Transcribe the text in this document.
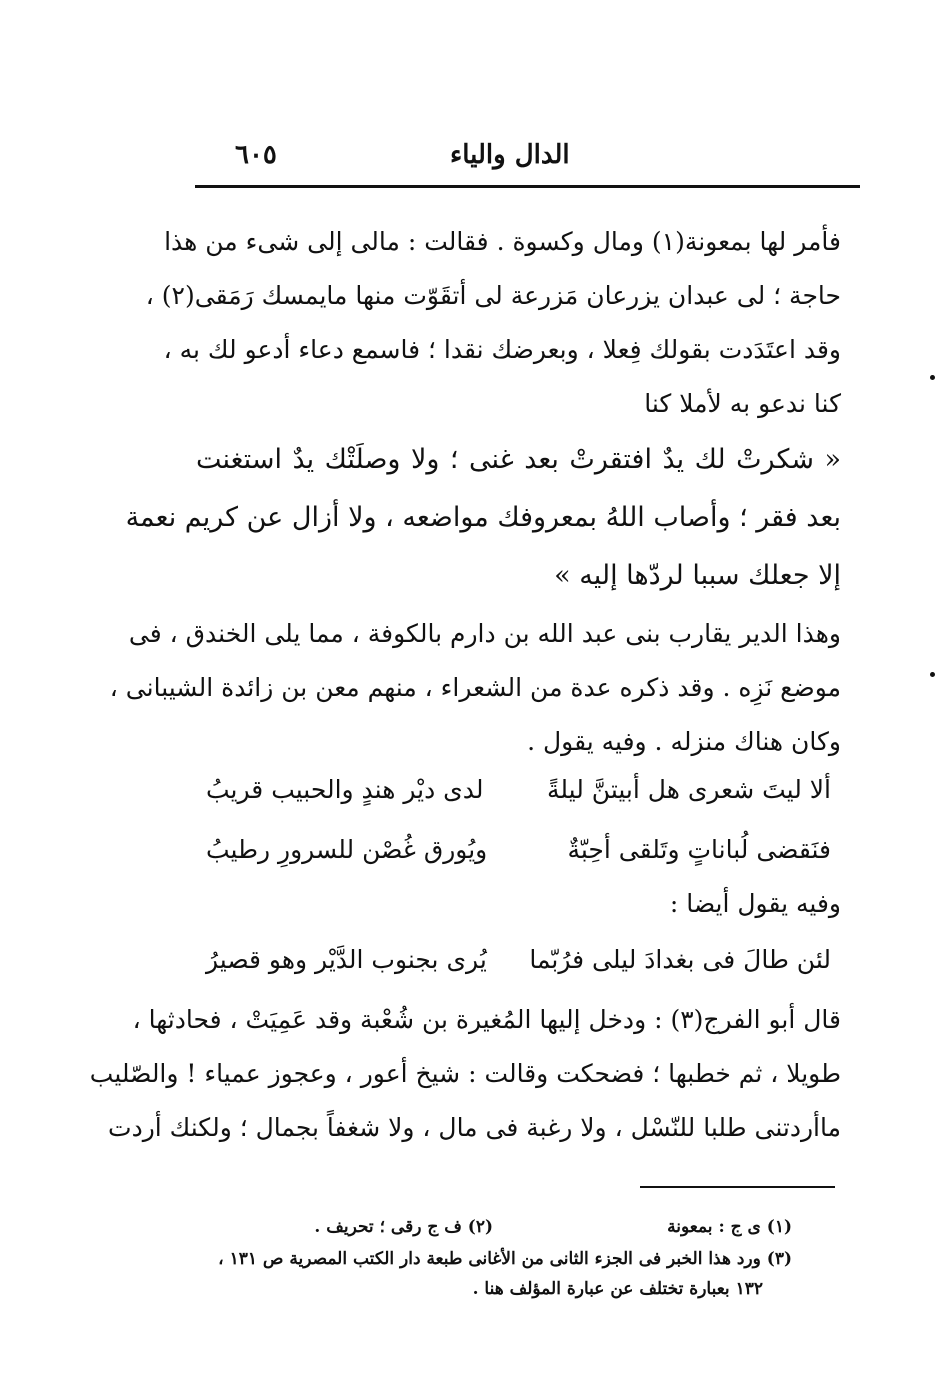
٦٠٥	الدال والياء
فأمر لها بمعونة(١) ومال وكسوة . فقالت : مالى إلى شىء من هذا
حاجة ؛ لى عبدان يزرعان مَزرعة لى أتقَوّت منها مايمسك رَمَقى(٢) ،
وقد اعتَدَدت بقولك فِعلا ، وبعرضك نقدا ؛ فاسمع دعاء أدعو لك به ،
كنا ندعو به لأملا كنا
« شكرتْ لك يدٌ افتقرتْ بعد غنى ؛ ولا وصلَتْك يدٌ استغنت
بعد فقر ؛ وأصاب اللهُ بمعروفك مواضعه ، ولا أزال عن كريم نعمة
إلا جعلك سببا لردّها إليه »
وهذا الدير يقارب بنى عبد الله بن دارم بالكوفة ، مما يلى الخندق ، فى
موضع نَزِه . وقد ذكره عدة من الشعراء ، منهم معن بن زائدة الشيبانى ،
وكان هناك منزله . وفيه يقول .
ألا ليتَ شعرى هل أبيتنَّ ليلةً
لدى ديْر هندٍ والحبيب قريبُ
فنَقضى لُباناتٍ وتَلقى أحِبّةٌ
ويُورق غُصْن للسرورِ رطيبُ
وفيه يقول أيضا :
لئن طالَ فى بغدادَ ليلى فرُبّما
يُرى بجنوب الدَّيْر وهو قصيرُ
قال أبو الفرج(٣) : ودخل إليها المُغيرة بن شُعْبة وقد عَمِيَتْ ، فحادثها ،
طويلا ، ثم خطبها ؛ فضحكت وقالت : شيخ أعور ، وعجوز عمياء ! والصّليب
ماأردتنى طلبا للنّسْل ، ولا رغبة فى مال ، ولا شغفاً بجمال ؛ ولكنك أردت
(١) ى ج : بمعونة
(٢) ف ج رقى ؛ تحريف .
(٣) ورد هذا الخبر فى الجزء الثانى من الأغانى طبعة دار الكتب المصرية ص ١٣١ ،
١٣٢ بعبارة تختلف عن عبارة المؤلف هنا .
